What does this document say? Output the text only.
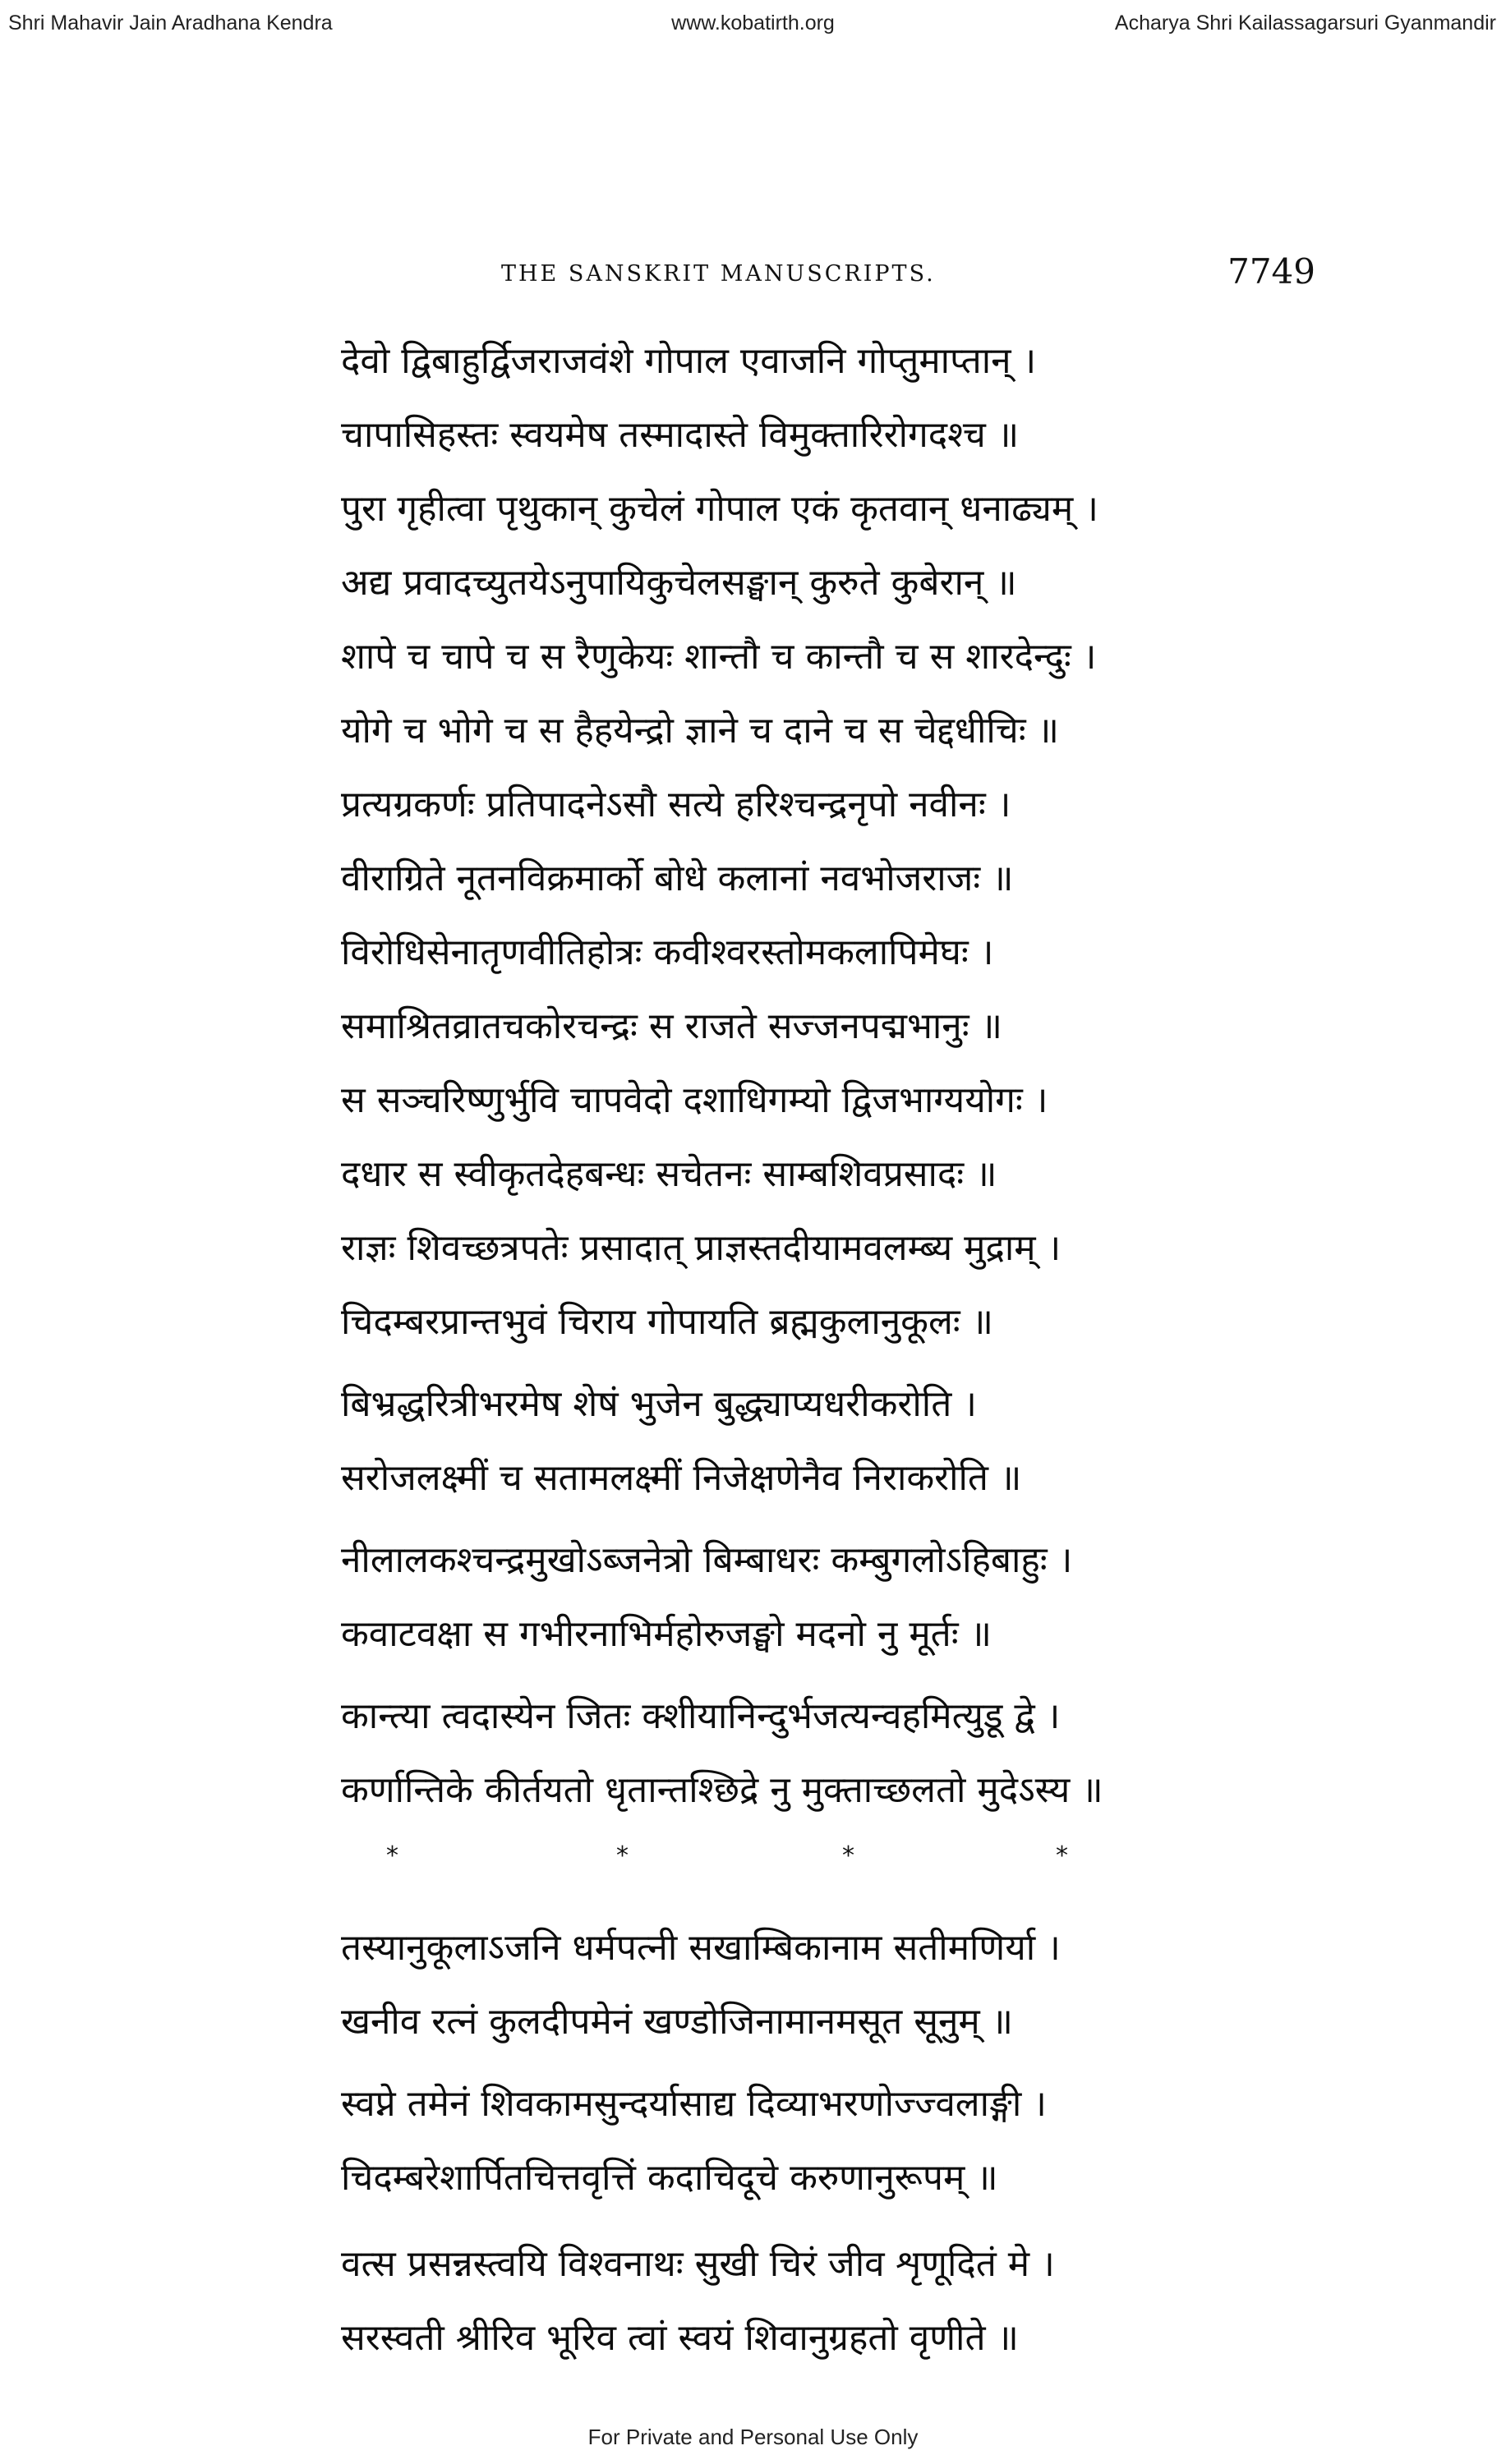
Shri Mahavir Jain Aradhana Kendra	www.kobatirth.org	Acharya Shri Kailassagarsuri Gyanmandir
THE SANSKRIT MANUSCRIPTS.	7749
देवो द्विबाहुर्द्विजराजवंशे गोपाल एवाजनि गोप्तुमाप्तान् ।
चापासिहस्तः स्वयमेष तस्मादास्ते विमुक्तारिरोगदश्च ॥
पुरा गृहीत्वा पृथुकान् कुचेलं गोपाल एकं कृतवान् धनाढ्यम् ।
अद्य प्रवादच्युतयेऽनुपायिकुचेलसङ्घान् कुरुते कुबेरान् ॥
शापे च चापे च स रैणुकेयः शान्तौ च कान्तौ च स शारदेन्दुः ।
योगे च भोगे च स हैहयेन्द्रो ज्ञाने च दाने च स चेद्दधीचिः ॥
प्रत्यग्रकर्णः प्रतिपादनेऽसौ सत्ये हरिश्चन्द्रनृपो नवीनः ।
वीराग्रिते नूतनविक्रमार्को बोधे कलानां नवभोजराजः ॥
विरोधिसेनातृणवीतिहोत्रः कवीश्वरस्तोमकलापिमेघः ।
समाश्रितव्रातचकोरचन्द्रः स राजते सज्जनपद्मभानुः ॥
स सञ्चरिष्णुर्भुवि चापवेदो दशाधिगम्यो द्विजभाग्ययोगः ।
दधार स स्वीकृतदेहबन्धः सचेतनः साम्बशिवप्रसादः ॥
राज्ञः शिवच्छत्रपतेः प्रसादात् प्राज्ञस्तदीयामवलम्ब्य मुद्राम् ।
चिदम्बरप्रान्तभुवं चिराय गोपायति ब्रह्मकुलानुकूलः ॥
बिभ्रद्धरित्रीभरमेष शेषं भुजेन बुद्ध्याप्यधरीकरोति ।
सरोजलक्ष्मीं च सतामलक्ष्मीं निजेक्षणेनैव निराकरोति ॥
नीलालकश्चन्द्रमुखोऽब्जनेत्रो बिम्बाधरः कम्बुगलोऽहिबाहुः ।
कवाटवक्षा स गभीरनाभिर्महोरुजङ्घो मदनो नु मूर्तः ॥
कान्त्या त्वदास्येन जितः क्शीयानिन्दुर्भजत्यन्वहमित्युडू द्वे ।
कर्णान्तिके कीर्तयतो धृतान्तश्छिद्रे नु मुक्ताच्छलतो मुदेऽस्य ॥
*	*	*	*
तस्यानुकूलाऽजनि धर्मपत्नी सखाम्बिकानाम सतीमणिर्या ।
खनीव रत्नं कुलदीपमेनं खण्डोजिनामानमसूत सूनुम् ॥
स्वप्ने तमेनं शिवकामसुन्दर्यासाद्य दिव्याभरणोज्ज्वलाङ्गी ।
चिदम्बरेशार्पितचित्तवृत्तिं कदाचिदूचे करुणानुरूपम् ॥
वत्स प्रसन्नस्त्वयि विश्वनाथः सुखी चिरं जीव शृणूदितं मे ।
सरस्वती श्रीरिव भूरिव त्वां स्वयं शिवानुग्रहतो वृणीते ॥
For Private and Personal Use Only
